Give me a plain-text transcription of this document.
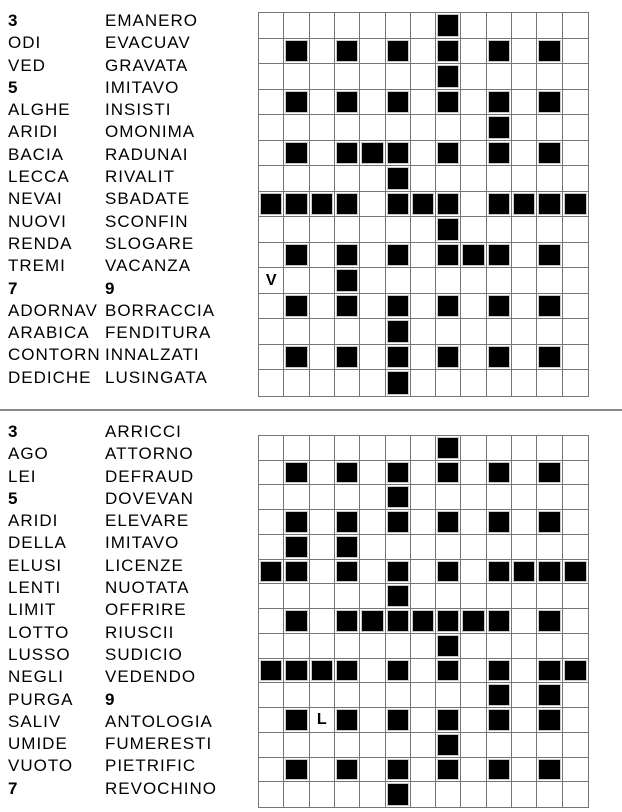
3
ODI
VED
5
ALGHE
ARIDI
BACIA
LECCA
NEVAI
NUOVI
RENDA
TREMI
7
ADORNAV
ARABICA
CONTORN
DEDICHE
EMANERO
EVACUAV
GRAVATA
IMITAVO
INSISTI
OMONIMA
RADUNAI
RIVALIT
SBADATE
SCONFIN
SLOGARE
VACANZA
9
BORRACCIA
FENDITURA
INNALZATI
LUSINGATA
V
3
AGO
LEI
5
ARIDI
DELLA
ELUSI
LENTI
LIMIT
LOTTO
LUSSO
NEGLI
PURGA
SALIV
UMIDE
VUOTO
7
ARRICCI
ATTORNO
DEFRAUD
DOVEVAN
ELEVARE
IMITAVO
LICENZE
NUOTATA
OFFRIRE
RIUSCII
SUDICIO
VEDENDO
9
ANTOLOGIA
FUMERESTI
PIETRIFIC
REVOCHINO
L
